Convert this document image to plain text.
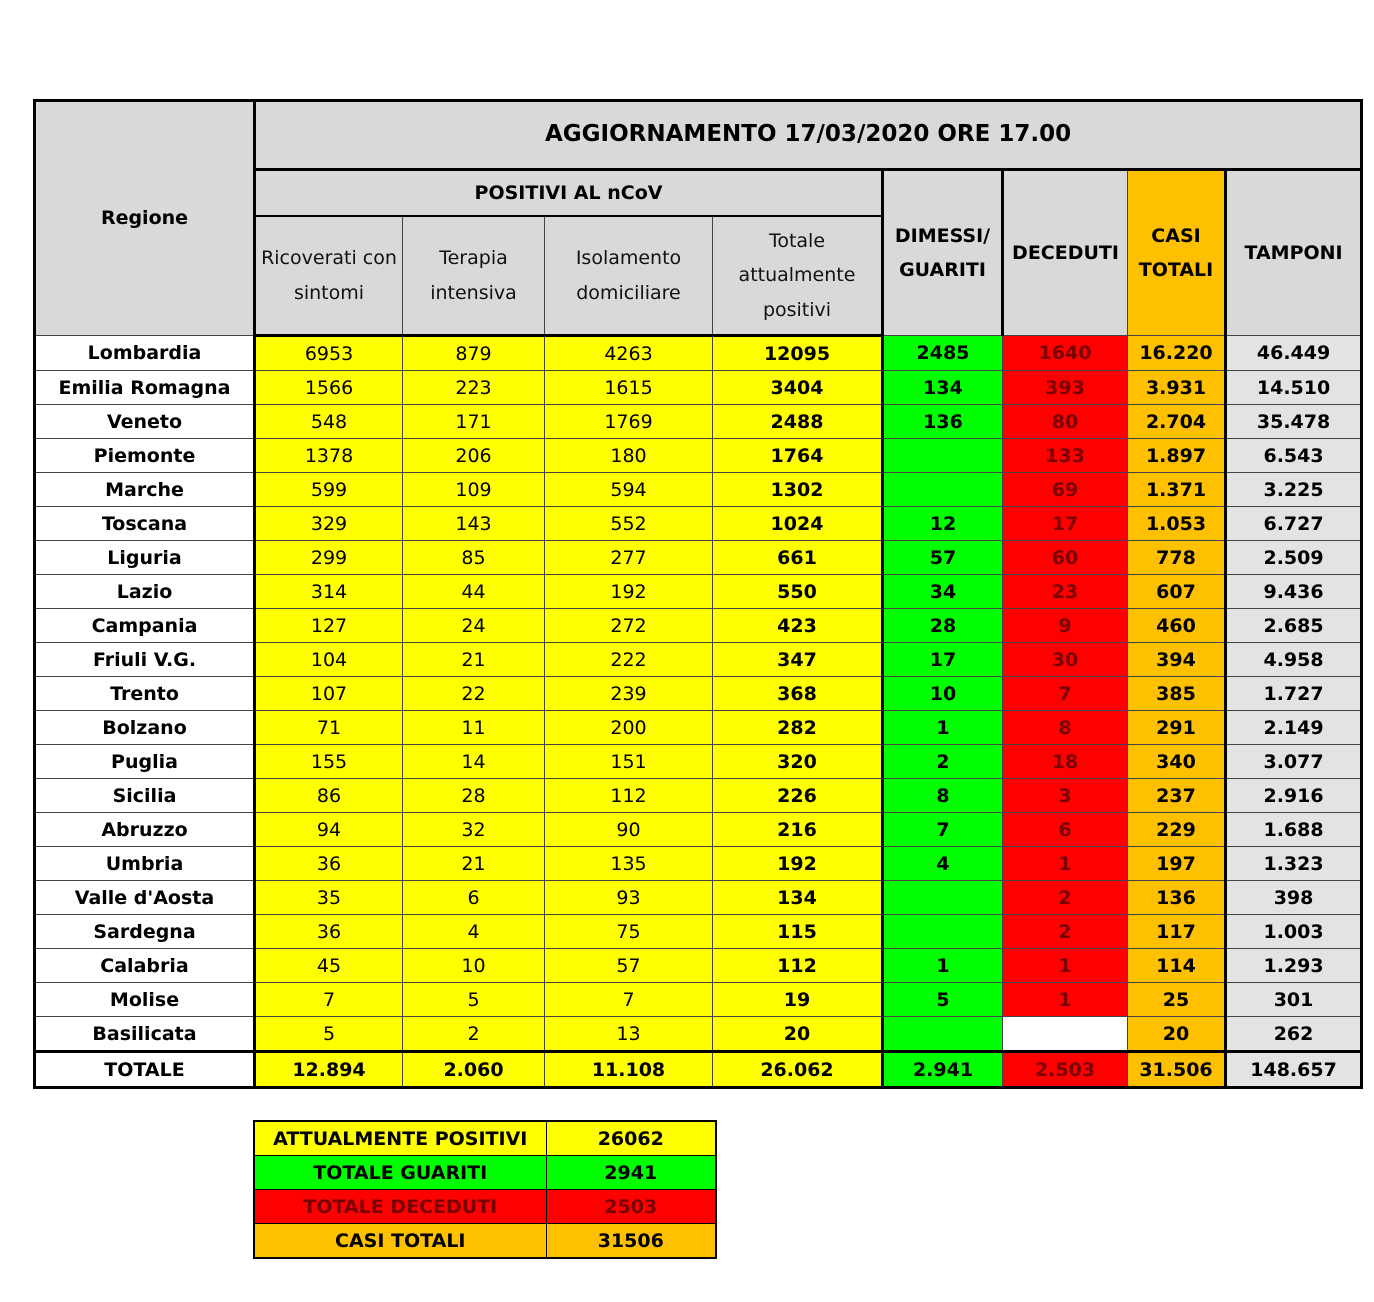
Regione	AGGIORNAMENTO 17/03/2020 ORE 17.00							
	POSITIVI AL nCoV				DIMESSI/ GUARITI	DECEDUTI	CASI TOTALI	TAMPONI
	Ricoverati con sintomi	Terapia intensiva	Isolamento domiciliare	Totale attualmente positivi				
Lombardia	6953	879	4263	12095	2485	1640	16.220	46.449
Emilia Romagna	1566	223	1615	3404	134	393	3.931	14.510
Veneto	548	171	1769	2488	136	80	2.704	35.478
Piemonte	1378	206	180	1764		133	1.897	6.543
Marche	599	109	594	1302		69	1.371	3.225
Toscana	329	143	552	1024	12	17	1.053	6.727
Liguria	299	85	277	661	57	60	778	2.509
Lazio	314	44	192	550	34	23	607	9.436
Campania	127	24	272	423	28	9	460	2.685
Friuli V.G.	104	21	222	347	17	30	394	4.958
Trento	107	22	239	368	10	7	385	1.727
Bolzano	71	11	200	282	1	8	291	2.149
Puglia	155	14	151	320	2	18	340	3.077
Sicilia	86	28	112	226	8	3	237	2.916
Abruzzo	94	32	90	216	7	6	229	1.688
Umbria	36	21	135	192	4	1	197	1.323
Valle d'Aosta	35	6	93	134		2	136	398
Sardegna	36	4	75	115		2	117	1.003
Calabria	45	10	57	112	1	1	114	1.293
Molise	7	5	7	19	5	1	25	301
Basilicata	5	2	13	20			20	262
TOTALE	12.894	2.060	11.108	26.062	2.941	2.503	31.506	148.657
ATTUALMENTE POSITIVI	26062
TOTALE GUARITI	2941
TOTALE DECEDUTI	2503
CASI TOTALI	31506
